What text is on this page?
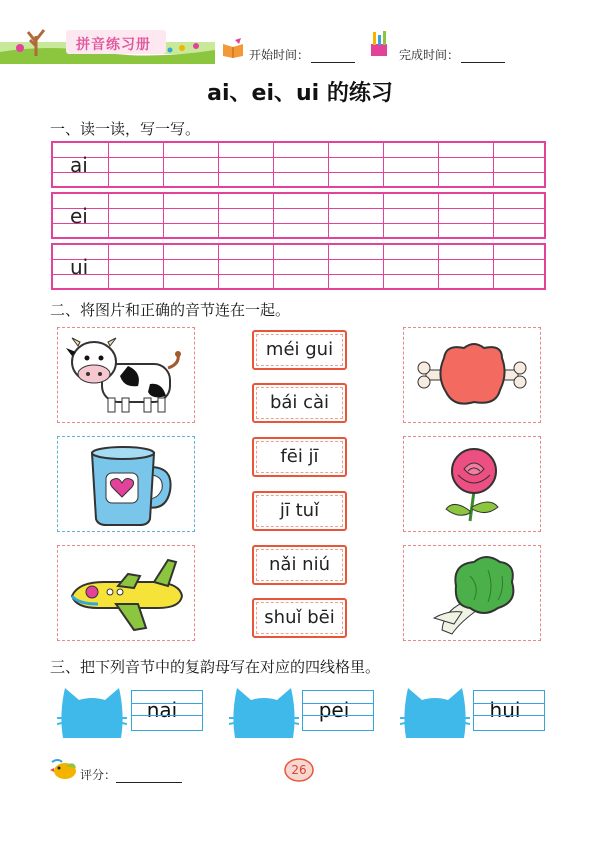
拼音练习册
开始时间：	完成时间：
ai、ei、ui 的练习
一、读一读，写一写。
ai
ei
ui
二、将图片和正确的音节连在一起。
méi gui
bái cài
fēi jī
jī tuǐ
nǎi niú
shuǐ bēi
三、把下列音节中的复韵母写在对应的四线格里。
nai	pei	hui
评分：	26
